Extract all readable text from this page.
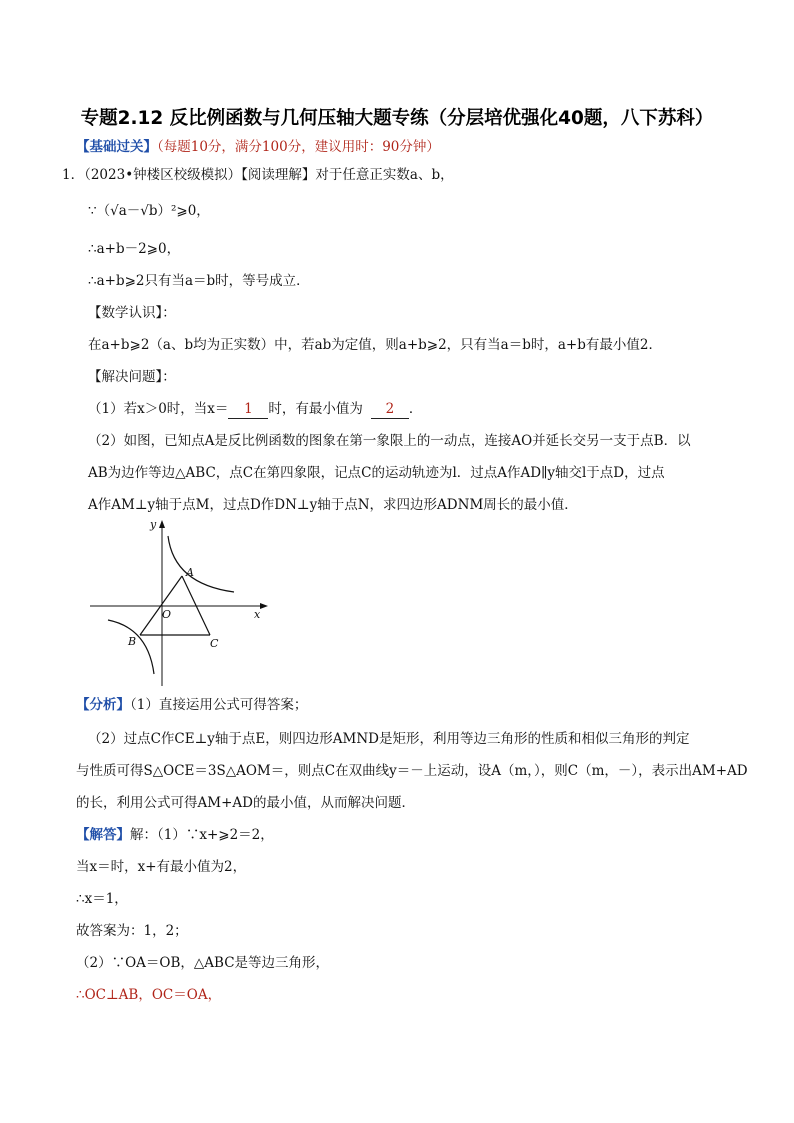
专题2.12 反比例函数与几何压轴大题专练（分层培优强化40题，八下苏科）
【基础过关】（每题10分，满分100分，建议用时：90分钟）
1．（2023•钟楼区校级模拟）【阅读理解】对于任意正实数a、b，
∵（√a－√b）²⩾0，
∴a+b－2⩾0，
∴a+b⩾2只有当a＝b时，等号成立．
【数学认识】：
在a+b⩾2（a、b均为正实数）中，若ab为定值，则a+b⩾2，只有当a＝b时，a+b有最小值2．
【解决问题】：
（1）若x＞0时，当x＝ 1 时，有最小值为 2 ．
（2）如图，已知点A是反比例函数的图象在第一象限上的一动点，连接AO并延长交另一支于点B．以
AB为边作等边△ABC，点C在第四象限，记点C的运动轨迹为l．过点A作AD∥y轴交l于点D，过点
A作AM⊥y轴于点M，过点D作DN⊥y轴于点N，求四边形ADNM周长的最小值．
y
x
O
A
B	C
【分析】（1）直接运用公式可得答案；
（2）过点C作CE⊥y轴于点E，则四边形AMND是矩形，利用等边三角形的性质和相似三角形的判定
与性质可得S△OCE＝3S△AOM＝，则点C在双曲线y＝－上运动，设A（m，），则C（m，－），表示出AM+AD
的长，利用公式可得AM+AD的最小值，从而解决问题．
【解答】解：（1）∵x+⩾2＝2，
当x＝时，x+有最小值为2，
∴x＝1，
故答案为：1，2；
（2）∵OA＝OB，△ABC是等边三角形，
∴OC⊥AB，OC＝OA，
